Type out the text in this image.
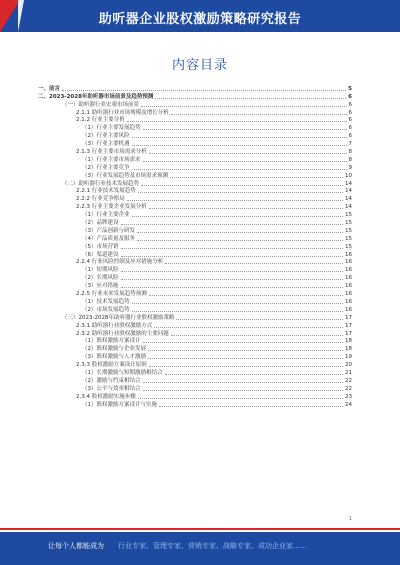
助听器企业股权激励策略研究报告
内容目录
一、前言	5
二、2023-2028年助听器市场前景及趋势预测	6
（一）助听器行业宏观市场前景	6
2.1.1 助听器行业市场规模及增长分析	6
2.1.2 行业主要分析	6
（1）行业主要发展趋势	6
（2）行业主要风险	6
（3）行业主要机遇	7
2.1.3 行业主要市场需求分析	8
（1）行业主要市场需求	8
（2）行业主要竞争	9
（3）行业发展趋势及市场需求预测	10
（二）助听器行业技术发展趋势	14
2.2.1 行业技术发展趋势	14
2.2.2 行业竞争格局	14
2.2.3 行业主要企业发展分析	14
（1）行业主要企业	15
（2）品牌建设	15
（3）产品创新与研发	15
（4）产品质量及服务	15
（5）市场营销	15
（6）渠道建设	16
2.2.4 行业风险控制及应对措施分析	16
（1）短期风险	16
（2）长期风险	16
（3）应对措施	16
2.2.5 行业未来发展趋势预测	16
（1）技术发展趋势	16
（2）市场发展趋势	16
（三）2023-2028年助听器行业股权激励策略	17
2.3.1 助听器行业股权激励方式	17
2.3.2 助听器行业股权激励的主要问题	17
（1）股权激励方案设计	18
（2）股权激励与企业发展	18
（3）股权激励与人才激励	19
2.3.3 股权激励方案设计原则	20
（1）长期激励与短期激励相结合	21
（2）激励与约束相结合	22
（3）公平与效率相结合	22
2.3.4 股权激励实施步骤	23
（1）股权激励方案设计与实施	24
1
让每个人都能成为 行业专家、管理专家、营销专家、战略专家、成功企业家……
